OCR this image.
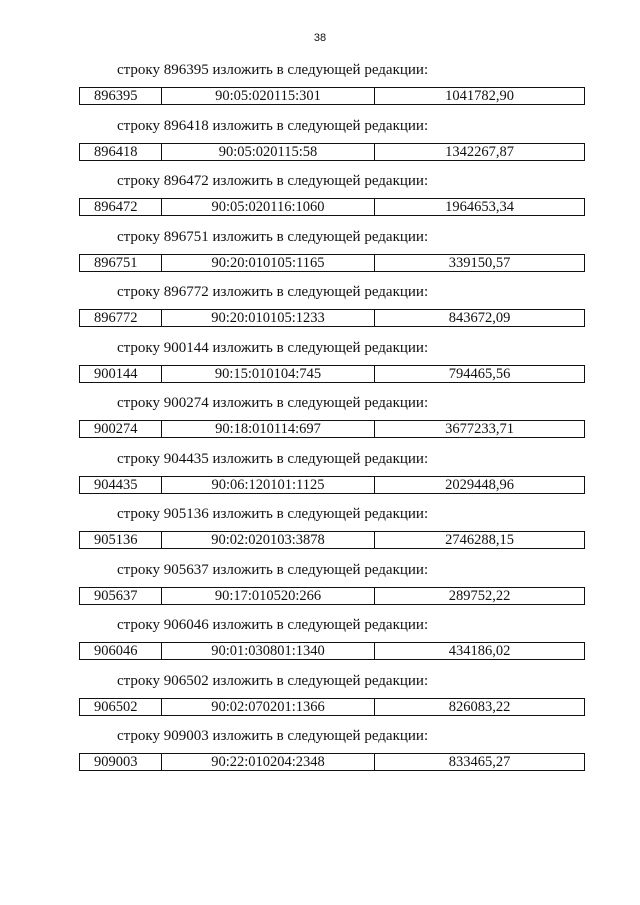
38
строку 896395 изложить в следующей редакции:
896395	90:05:020115:301	1041782,90
строку 896418 изложить в следующей редакции:
896418	90:05:020115:58	1342267,87
строку 896472 изложить в следующей редакции:
896472	90:05:020116:1060	1964653,34
строку 896751 изложить в следующей редакции:
896751	90:20:010105:1165	339150,57
строку 896772 изложить в следующей редакции:
896772	90:20:010105:1233	843672,09
строку 900144 изложить в следующей редакции:
900144	90:15:010104:745	794465,56
строку 900274 изложить в следующей редакции:
900274	90:18:010114:697	3677233,71
строку 904435 изложить в следующей редакции:
904435	90:06:120101:1125	2029448,96
строку 905136 изложить в следующей редакции:
905136	90:02:020103:3878	2746288,15
строку 905637 изложить в следующей редакции:
905637	90:17:010520:266	289752,22
строку 906046 изложить в следующей редакции:
906046	90:01:030801:1340	434186,02
строку 906502 изложить в следующей редакции:
906502	90:02:070201:1366	826083,22
строку 909003 изложить в следующей редакции:
909003	90:22:010204:2348	833465,27
